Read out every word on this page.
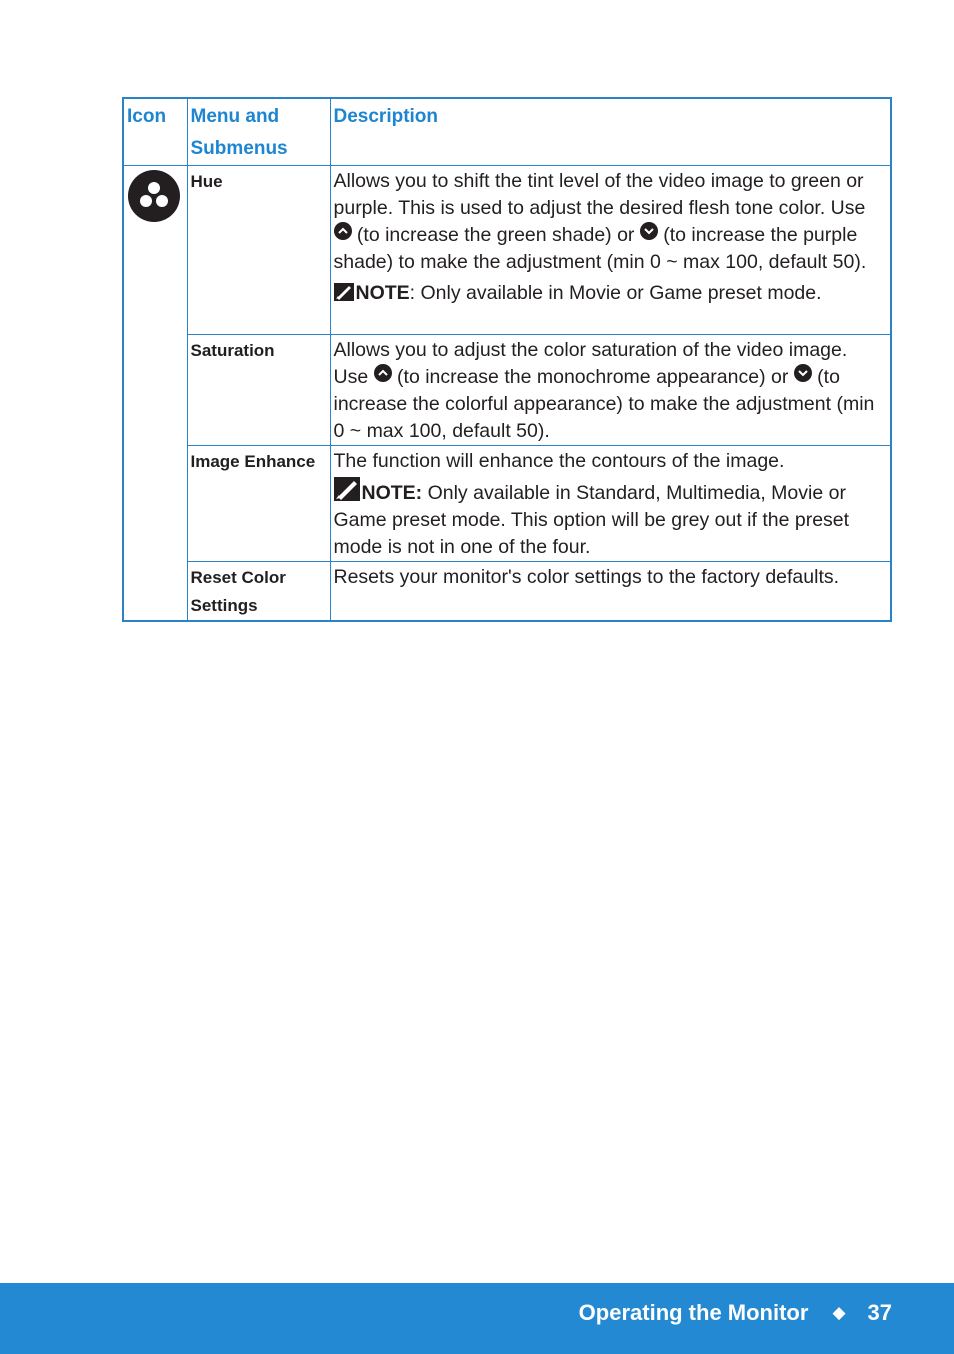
Icon	Menu and Submenus	Description

	Hue	Allows you to shift the tint level of the video image to green or purple. This is used to adjust the desired flesh tone color. Use
(to increase the green shade) or
(to increase the purple shade) to make the adjustment (min 0 ~ max 100, default 50).
NOTE: Only available in Movie or Game preset mode.

	Saturation	Allows you to adjust the color saturation of the video image. Use
(to increase the monochrome appearance) or
(to increase the colorful appearance) to make the adjustment (min 0 ~ max 100, default 50).
	Image Enhance	The function will enhance the contours of the image.
NOTE: Only available in Standard, Multimedia, Movie or Game preset mode. This option will be grey out if the preset mode is not in one of the four.

	Reset Color Settings	Resets your monitor's color settings to the factory defaults.
Operating the Monitor ◆ 37
